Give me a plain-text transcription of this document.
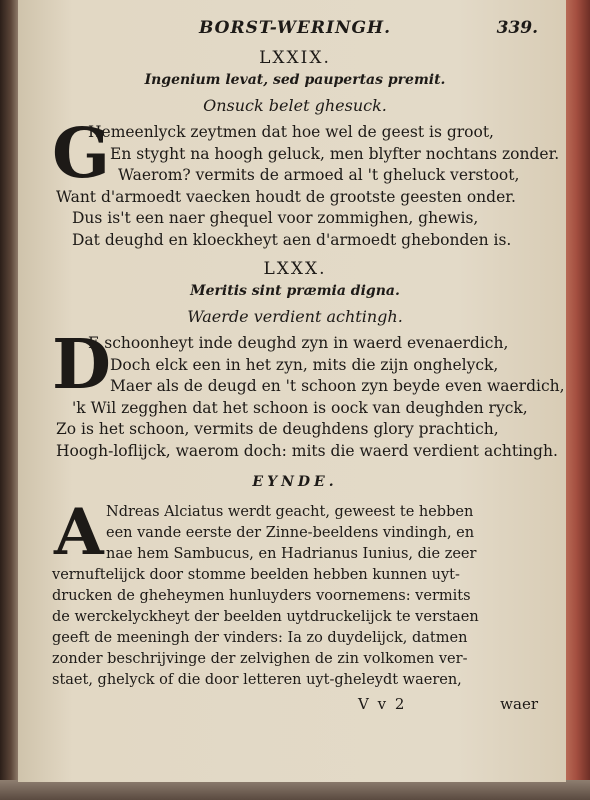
BORST-WERINGH.	339.
LXXIX.
Ingenium levat, sed paupertas premit.
Onsuck belet ghesuck.
G
Hemeenlyck zeytmen dat hoe wel de geest is groot,
En styght na hoogh geluck, men blyfter nochtans zonder.
Waerom? vermits de armoed al 't gheluck verstoot,
Want d'armoedt vaecken houdt de grootste geesten onder.
Dus is't een naer ghequel voor zommighen, ghewis,
Dat deughd en kloeckheyt aen d'armoedt ghebonden is.
LXXX.
Meritis sint præmia digna.
Waerde verdient achtingh.
D
E schoonheyt inde deughd zyn in waerd evenaerdich,
Doch elck een in het zyn, mits die zijn onghelyck,
Maer als de deugd en 't schoon zyn beyde even waerdich,
'k Wil zegghen dat het schoon is oock van deughden ryck,
Zo is het schoon, vermits de deughdens glory prachtich,
Hoogh-loflijck, waerom doch: mits die waerd verdient achtingh.
EYNDE.
A Ndreas Alciatus werdt geacht, geweest te hebben
een vande eerste der Zinne-beeldens vindingh, en
nae hem Sambucus, en Hadrianus Iunius, die zeer
vernuftelijck door stomme beelden hebben kunnen uyt-
drucken de gheheymen hunluyders voornemens: vermits
de werckelyckheyt der beelden uytdruckelijck te verstaen
geeft de meeningh der vinders: Ia zo duydelijck, datmen
zonder beschrijvinge der zelvighen de zin volkomen ver-
staet, ghelyck of die door letteren uyt-gheleydt waeren,
V v 2	waer
